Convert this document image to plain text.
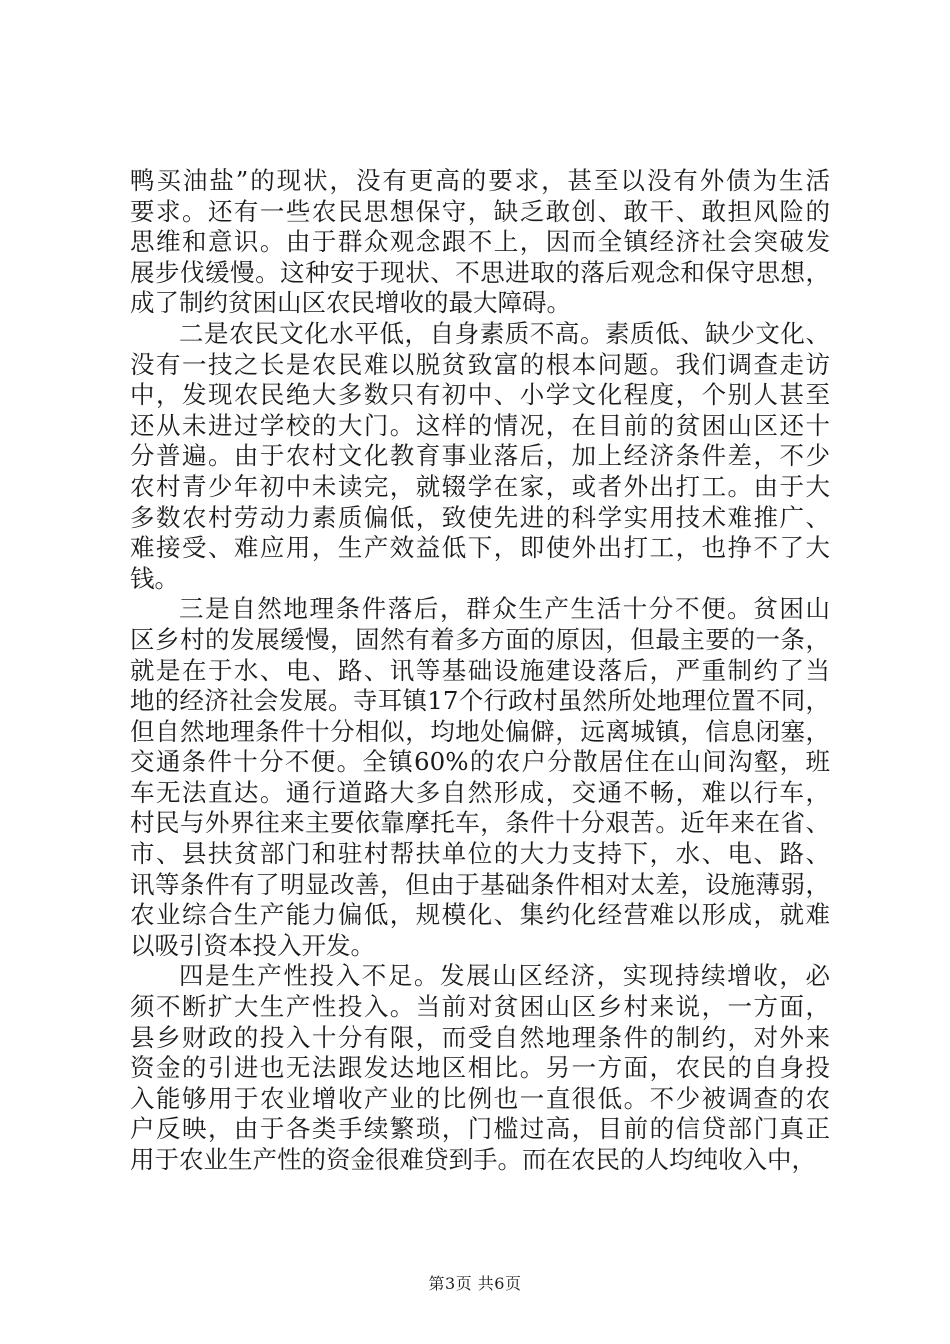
鸭买油盐”的现状，没有更高的要求，甚至以没有外债为生活
要求。还有一些农民思想保守，缺乏敢创、敢干、敢担风险的
思维和意识。由于群众观念跟不上，因而全镇经济社会突破发
展步伐缓慢。这种安于现状、不思进取的落后观念和保守思想，
成了制约贫困山区农民增收的最大障碍。
二是农民文化水平低，自身素质不高。素质低、缺少文化、
没有一技之长是农民难以脱贫致富的根本问题。我们调查走访
中，发现农民绝大多数只有初中、小学文化程度，个别人甚至
还从未进过学校的大门。这样的情况，在目前的贫困山区还十
分普遍。由于农村文化教育事业落后，加上经济条件差，不少
农村青少年初中未读完，就辍学在家，或者外出打工。由于大
多数农村劳动力素质偏低，致使先进的科学实用技术难推广、
难接受、难应用，生产效益低下，即使外出打工，也挣不了大
钱。
三是自然地理条件落后，群众生产生活十分不便。贫困山
区乡村的发展缓慢，固然有着多方面的原因，但最主要的一条，
就是在于水、电、路、讯等基础设施建设落后，严重制约了当
地的经济社会发展。寺耳镇17个行政村虽然所处地理位置不同，
但自然地理条件十分相似，均地处偏僻，远离城镇，信息闭塞，
交通条件十分不便。全镇60%的农户分散居住在山间沟壑，班
车无法直达。通行道路大多自然形成，交通不畅，难以行车，
村民与外界往来主要依靠摩托车，条件十分艰苦。近年来在省、
市、县扶贫部门和驻村帮扶单位的大力支持下，水、电、路、
讯等条件有了明显改善，但由于基础条件相对太差，设施薄弱，
农业综合生产能力偏低，规模化、集约化经营难以形成，就难
以吸引资本投入开发。
四是生产性投入不足。发展山区经济，实现持续增收，必
须不断扩大生产性投入。当前对贫困山区乡村来说，一方面，
县乡财政的投入十分有限，而受自然地理条件的制约，对外来
资金的引进也无法跟发达地区相比。另一方面，农民的自身投
入能够用于农业增收产业的比例也一直很低。不少被调查的农
户反映，由于各类手续繁琐，门槛过高，目前的信贷部门真正
用于农业生产性的资金很难贷到手。而在农民的人均纯收入中，
第3页 共6页
